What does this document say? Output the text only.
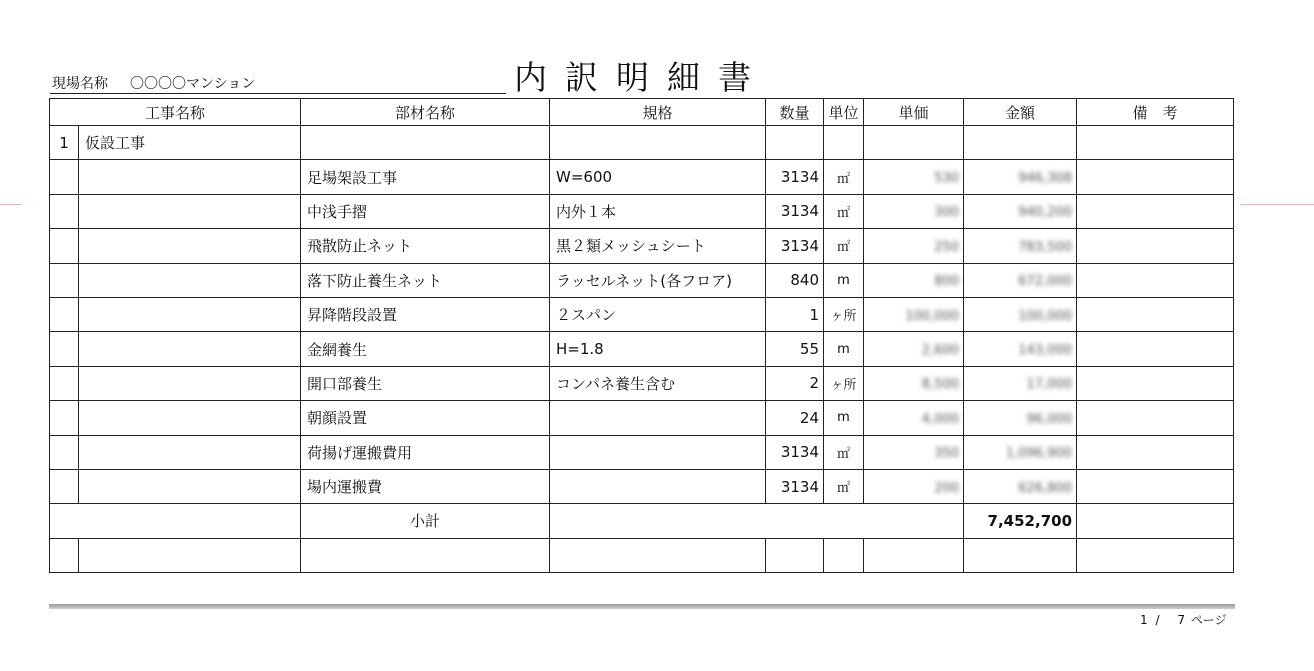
現場名称 〇〇〇〇マンション	内訳明細書
工事名称		部材名称	規格	数量	単位	単価	金額	備　考
1	仮設工事							
		足場架設工事	W=600	3134	㎡	530	946,308	
		中浅手摺	内外１本	3134	㎡	300	940,200	
		飛散防止ネット	黒２類メッシュシート	3134	㎡	250	783,500	
		落下防止養生ネット	ラッセルネット(各フロア)	840	m	800	672,000	
		昇降階段設置	２スパン	1	ヶ所	100,000	100,000	
		金網養生	H=1.8	55	m	2,600	143,000	
		開口部養生	コンパネ養生含む	2	ヶ所	8,500	17,000	
		朝顔設置		24	m	4,000	96,000	
		荷揚げ運搬費用		3134	㎡	350	1,096,900	
		場内運搬費		3134	㎡	200	626,800	
		小計					7,452,700	

1 / 7 ページ
